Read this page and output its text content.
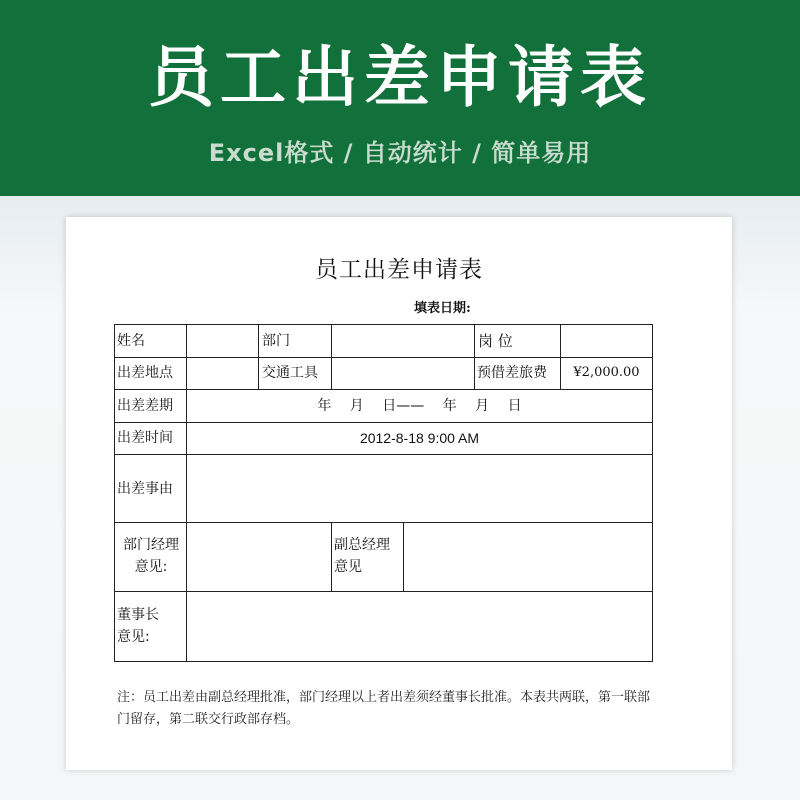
员工出差申请表
Excel格式 / 自动统计 / 简单易用
员工出差申请表
填表日期:
姓名	部门	岗 位
出差地点	交通工具	预借差旅费	¥2,000.00
出差差期	年　 月　 日——　 年　 月　 日
出差时间	2012-8-18 9:00 AM
出差事由
部门经理
意见:
副总经理
意见
董事长
意见:
注：员工出差由副总经理批准，部门经理以上者出差须经董事长批准。本表共两联，第一联部门留存，第二联交行政部存档。
